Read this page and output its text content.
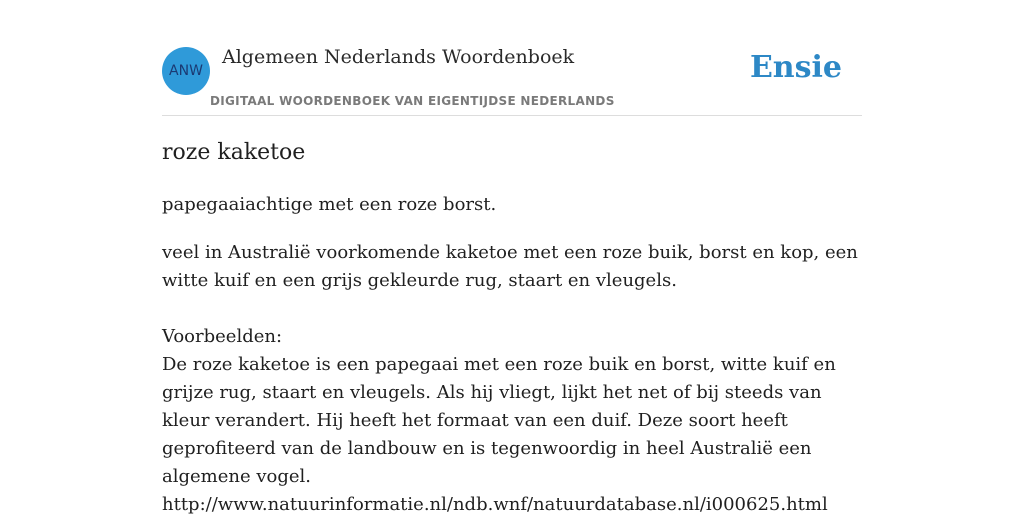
ANW
Algemeen Nederlands Woordenboek
DIGITAAL WOORDENBOEK VAN EIGENTIJDSE NEDERLANDS
Ensie
roze kaketoe
papegaaiachtige met een roze borst.

veel in Australië voorkomende kaketoe met een roze buik, borst en kop, een witte kuif en een grijs gekleurde rug, staart en vleugels.

Voorbeelden:

De roze kaketoe is een papegaai met een roze buik en borst, witte kuif en grijze rug, staart en vleugels. Als hij vliegt, lijkt het net of bij steeds van kleur verandert. Hij heeft het formaat van een duif. Deze soort heeft geprofiteerd van de landbouw en is tegenwoordig in heel Australië een algemene vogel.

http://www.natuurinformatie.nl/ndb.wnf/natuurdatabase.nl/i000625.html
